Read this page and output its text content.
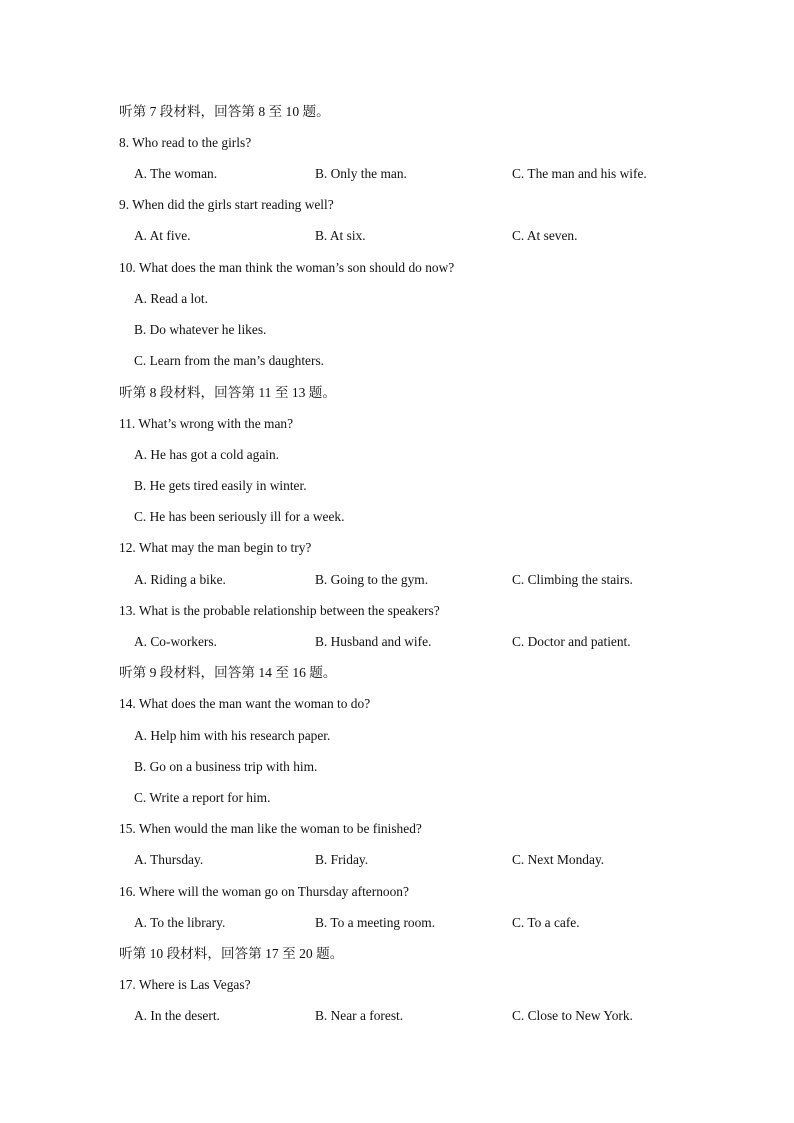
听第 7 段材料，回答第 8 至 10 题。
8. Who read to the girls?
A. The woman.	B. Only the man.	C. The man and his wife.
9. When did the girls start reading well?
A. At five.	B. At six.	C. At seven.
10. What does the man think the woman’s son should do now?
A. Read a lot.
B. Do whatever he likes.
C. Learn from the man’s daughters.
听第 8 段材料，回答第 11 至 13 题。
11. What’s wrong with the man?
A. He has got a cold again.
B. He gets tired easily in winter.
C. He has been seriously ill for a week.
12. What may the man begin to try?
A. Riding a bike.	B. Going to the gym.	C. Climbing the stairs.
13. What is the probable relationship between the speakers?
A. Co-workers.	B. Husband and wife.	C. Doctor and patient.
听第 9 段材料，回答第 14 至 16 题。
14. What does the man want the woman to do?
A. Help him with his research paper.
B. Go on a business trip with him.
C. Write a report for him.
15. When would the man like the woman to be finished?
A. Thursday.	B. Friday.	C. Next Monday.
16. Where will the woman go on Thursday afternoon?
A. To the library.	B. To a meeting room.	C. To a cafe.
听第 10 段材料，回答第 17 至 20 题。
17. Where is Las Vegas?
A. In the desert.	B. Near a forest.	C. Close to New York.
